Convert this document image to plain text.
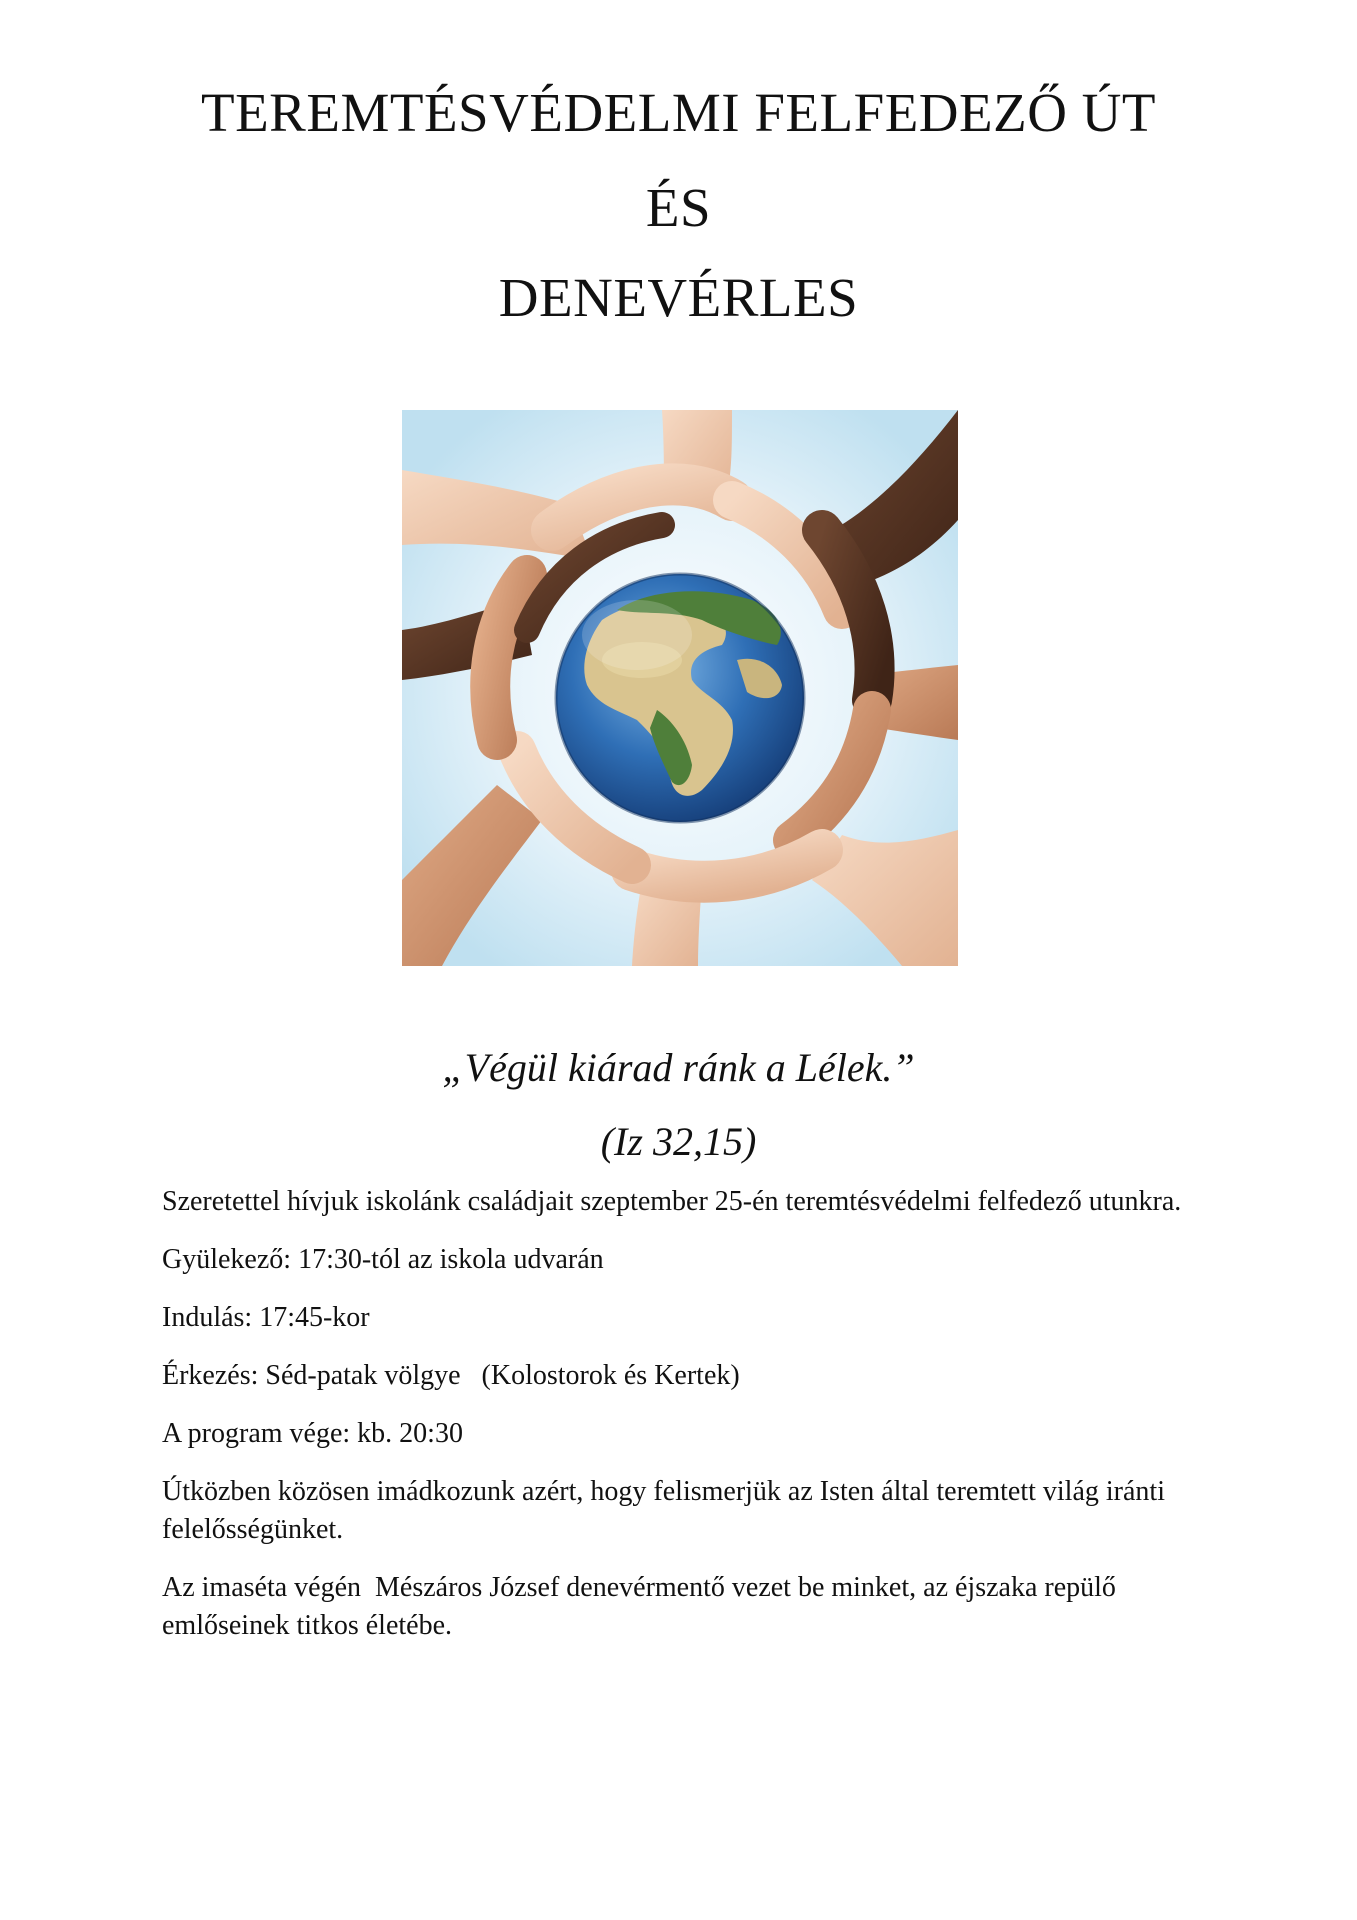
TEREMTÉSVÉDELMI FELFEDEZŐ ÚT
ÉS
DENEVÉRLES
„Végül kiárad ránk a Lélek.”
(Iz 32,15)

Szeretettel hívjuk iskolánk családjait szeptember 25-én teremtésvédelmi felfedező utunkra.

Gyülekező: 17:30-tól az iskola udvarán

Indulás: 17:45-kor

Érkezés: Séd-patak völgye   (Kolostorok és Kertek)

A program vége: kb. 20:30

Útközben közösen imádkozunk azért, hogy felismerjük az Isten által teremtett világ iránti felelősségünket.

Az imaséta végén  Mészáros József denevérmentő vezet be minket, az éjszaka repülő emlőseinek titkos életébe.
